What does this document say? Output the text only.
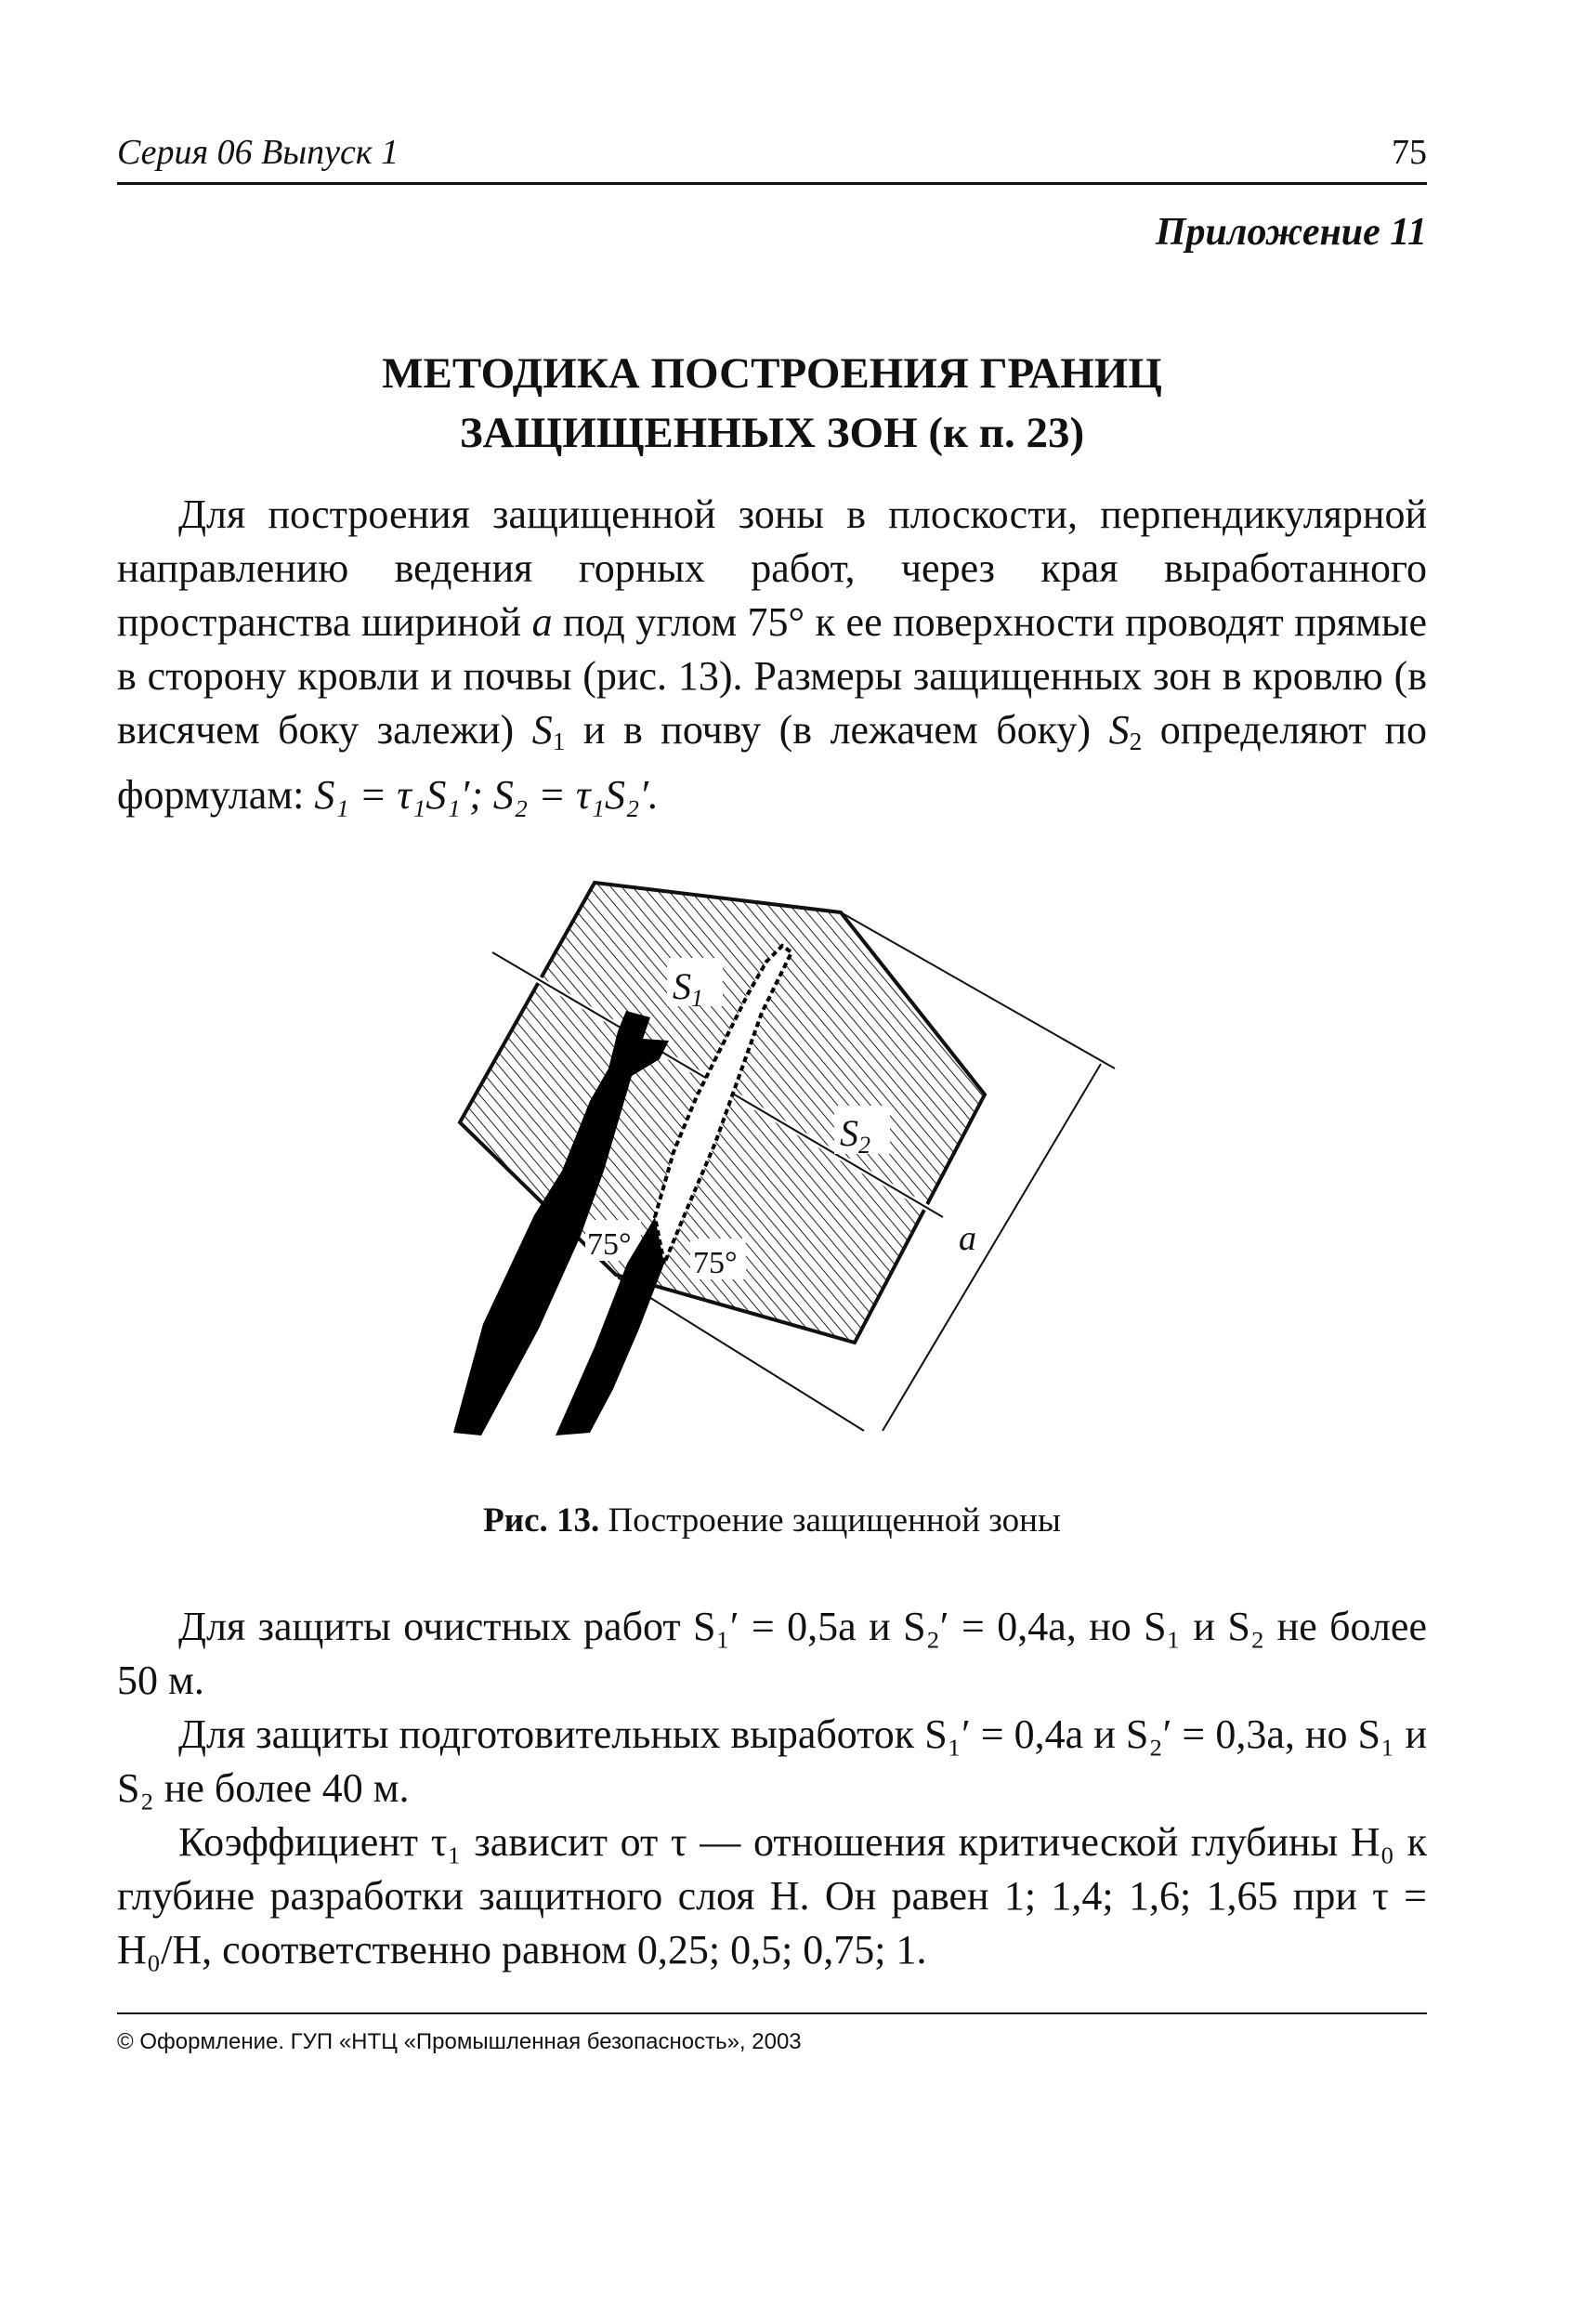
Серия 06 Выпуск 1	75
Приложение 11
МЕТОДИКА ПОСТРОЕНИЯ ГРАНИЦ
ЗАЩИЩЕННЫХ ЗОН (к п. 23)

Для построения защищенной зоны в плоскости, перпендикулярной направлению ведения горных работ, через края выработанного пространства шириной a под углом 75° к ее поверхности проводят прямые в сторону кровли и почвы (рис. 13). Размеры защищенных зон в кровлю (в висячем боку залежи) $S_1$ и в почву (в лежачем боку) $S_2$ определяют по формулам: S₁ = τ₁S₁′; S₂ = τ₁S₂′.

$S_1$
$S_2$
a
75°
75°
Рис. 13. Построение защищенной зоны

Для защиты очистных работ S₁′ = 0,5a и S₂′ = 0,4a, но S₁ и S₂ не более 50 м.

Для защиты подготовительных выработок S₁′ = 0,4a и S₂′ = 0,3a, но S₁ и S₂ не более 40 м.

Коэффициент τ₁ зависит от τ — отношения критической глубины H₀ к глубине разработки защитного слоя H. Он равен 1; 1,4; 1,6; 1,65 при τ = H₀/H, соответственно равном 0,25; 0,5; 0,75; 1.

© Оформление. ГУП «НТЦ «Промышленная безопасность», 2003
